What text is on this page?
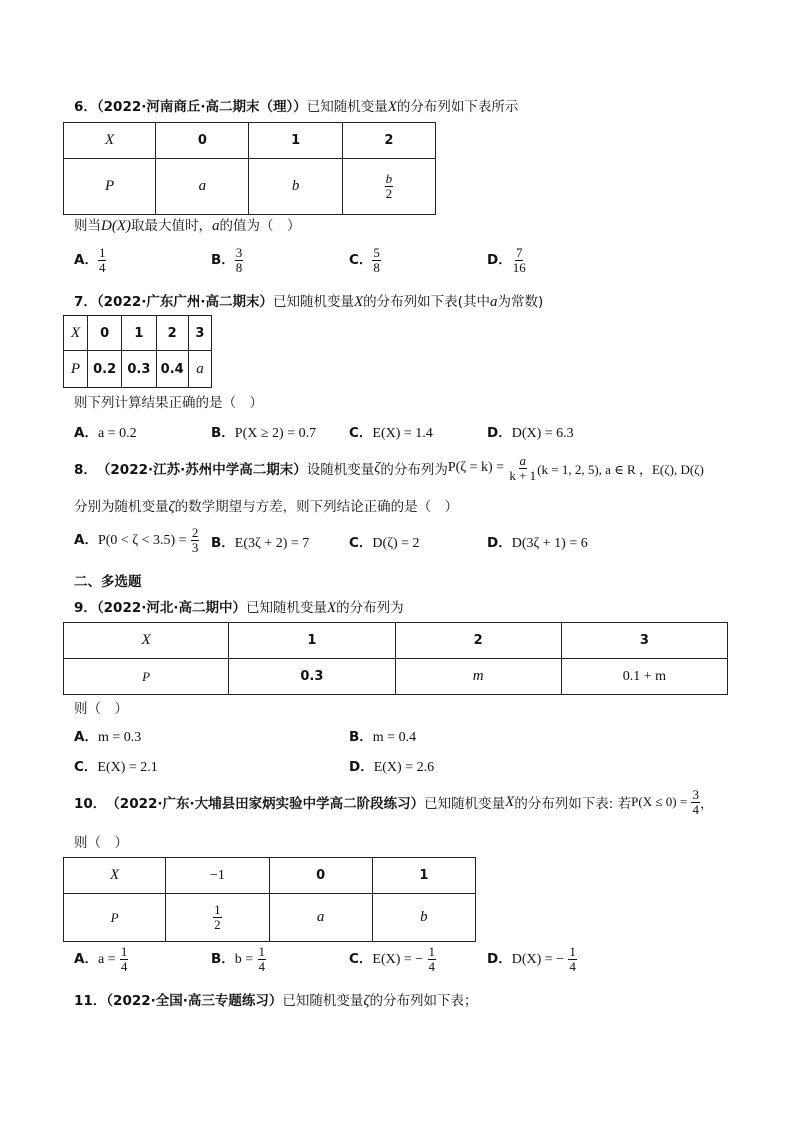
6．（2022·河南商丘·高二期末（理））已知随机变量X的分布列如下表所示
X	0	1	2
P	a	b	$\frac{b}{2}$
则当D(X)取最大值时，a的值为（　）
A． $\frac{1}{4}$	B． $\frac{3}{8}$	C． $\frac{5}{8}$	D． $\frac{7}{16}$
7．（2022·广东广州·高二期末）已知随机变量X的分布列如下表(其中a为常数)
X	0	1	2	3
P	0.2	0.3	0.4	a
则下列计算结果正确的是（　）
A．a = 0.2	B．P(X ≥ 2) = 0.7 C．E(X) = 1.4	D．D(X) = 6.3
8． （2022·江苏·苏州中学高二期末） 设随机变量 ζ 的分布列为 P(ζ = k) =
$\frac{a}{k + 1} (k = 1$, 2, 5), a ∈ R ，E(ζ), D(ζ)
分别为随机变量ζ的数学期望与方差，则下列结论正确的是（　）
A．$P(0 < \zeta < 3.5) = \frac{2}{3}$ B．E(3ζ + 2) = 7	C．D(ζ) = 2	D．D(3ζ + 1) = 6
二、多选题
9．（2022·河北·高二期中）已知随机变量X的分布列为
X	1	2	3
P	0.3	m	0.1 + m
则（　）
A．m = 0.3	B．m = 0.4
C．E(X) = 2.1	D．E(X) = 2.6
10． （2022·广东·大埔县田家炳实验中学高二阶段练习） 已知随机变量 X 的分布列如下表: 若 P(X ≤ 0) =
$\frac{3}{4}$ ，
则（　）
X	−1	0	1
P	$\frac{1}{2}$	a	b
A．$a = \frac{1}{4}$	B．$b = \frac{1}{4}$	C．E(X) = − $\frac{1}{4}$	D．D(X) = − $\frac{1}{4}$
11．（2022·全国·高三专题练习）已知随机变量ζ的分布列如下表；
